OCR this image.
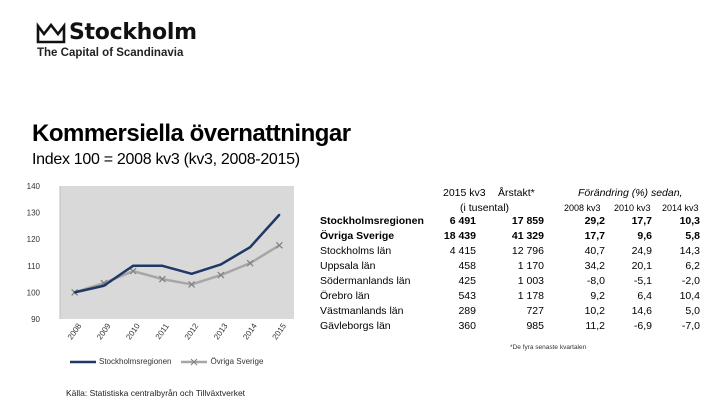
Stockholm
The Capital of Scandinavia
Kommersiella övernattningar
Index 100 = 2008 kv3 (kv3, 2008-2015)
90
100
110
120
130
140
2008 2009 2010 2011 2012 2013 2014 2015
Stockholmsregionen	Övriga Sverige
Källa: Statistiska centralbyrån och Tillväxtverket
2015 kv3 Årstakt*
(i tusental)
Förändring (%) sedan,
2008 kv3 2010 kv3 2014 kv3
Stockholmsregionen 6 491	17 859	29,2	17,7	10,3
Övriga Sverige	18 439	41 329	17,7	9,6	5,8
Stockholms län	4 415	12 796	40,7	24,9	14,3
Uppsala län	458	1 170	34,2	20,1	6,2
Södermanlands län	425	1 003	-8,0	-5,1	-2,0
Örebro län	543	1 178	9,2	6,4	10,4
Västmanlands län	289	727	10,2	14,6	5,0
Gävleborgs län	360	985	11,2	-6,9	-7,0
*De fyra senaste kvartalen
